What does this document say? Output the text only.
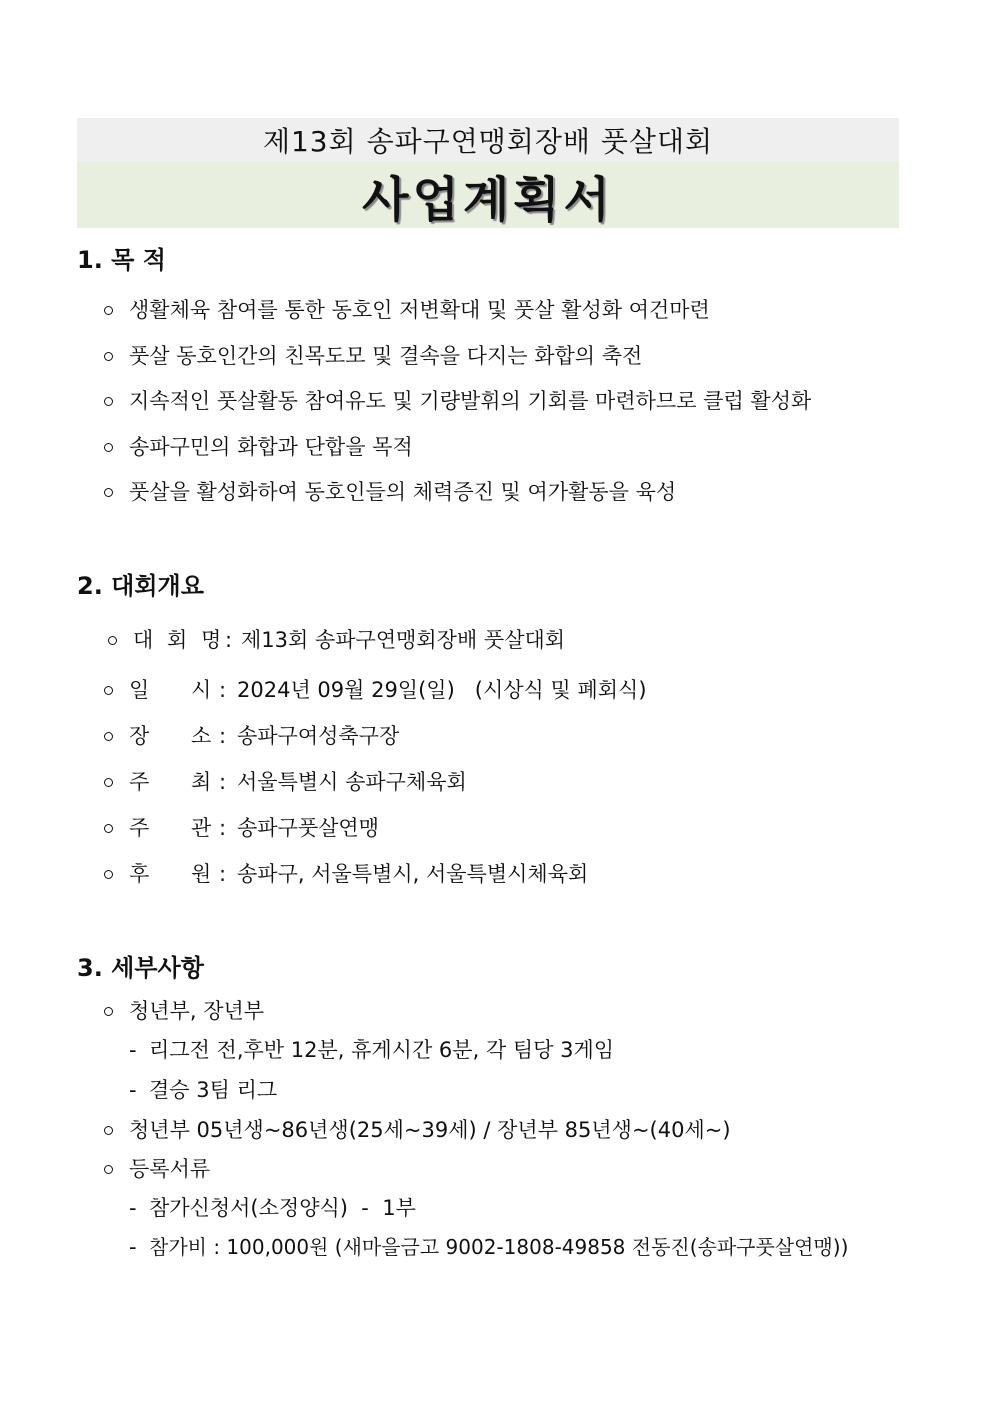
제13회 송파구연맹회장배 풋살대회
사업계획서
1. 목 적
생활체육 참여를 통한 동호인 저변확대 및 풋살 활성화 여건마련
풋살 동호인간의 친목도모 및 결속을 다지는 화합의 축전
지속적인 풋살활동 참여유도 및 기량발휘의 기회를 마련하므로 클럽 활성화
송파구민의 화합과 단합을 목적
풋살을 활성화하여 동호인들의 체력증진 및 여가활동을 육성
2. 대회개요
대 회 명 : 제13회 송파구연맹회장배 풋살대회
일 시 : 2024년 09월 29일(일)   (시상식 및 폐회식)
장 소 : 송파구여성축구장
주 최 : 서울특별시 송파구체육회
주 관 : 송파구풋살연맹
후 원 : 송파구, 서울특별시, 서울특별시체육회
3. 세부사항
청년부, 장년부
- 리그전 전,후반 12분, 휴게시간 6분, 각 팀당 3게임
- 결승 3팀 리그
청년부 05년생~86년생(25세~39세) / 장년부 85년생~(40세~)
등록서류
- 참가신청서(소정양식)  -  1부
- 참가비 : 100,000원 (새마을금고 9002-1808-49858 전동진(송파구풋살연맹))
